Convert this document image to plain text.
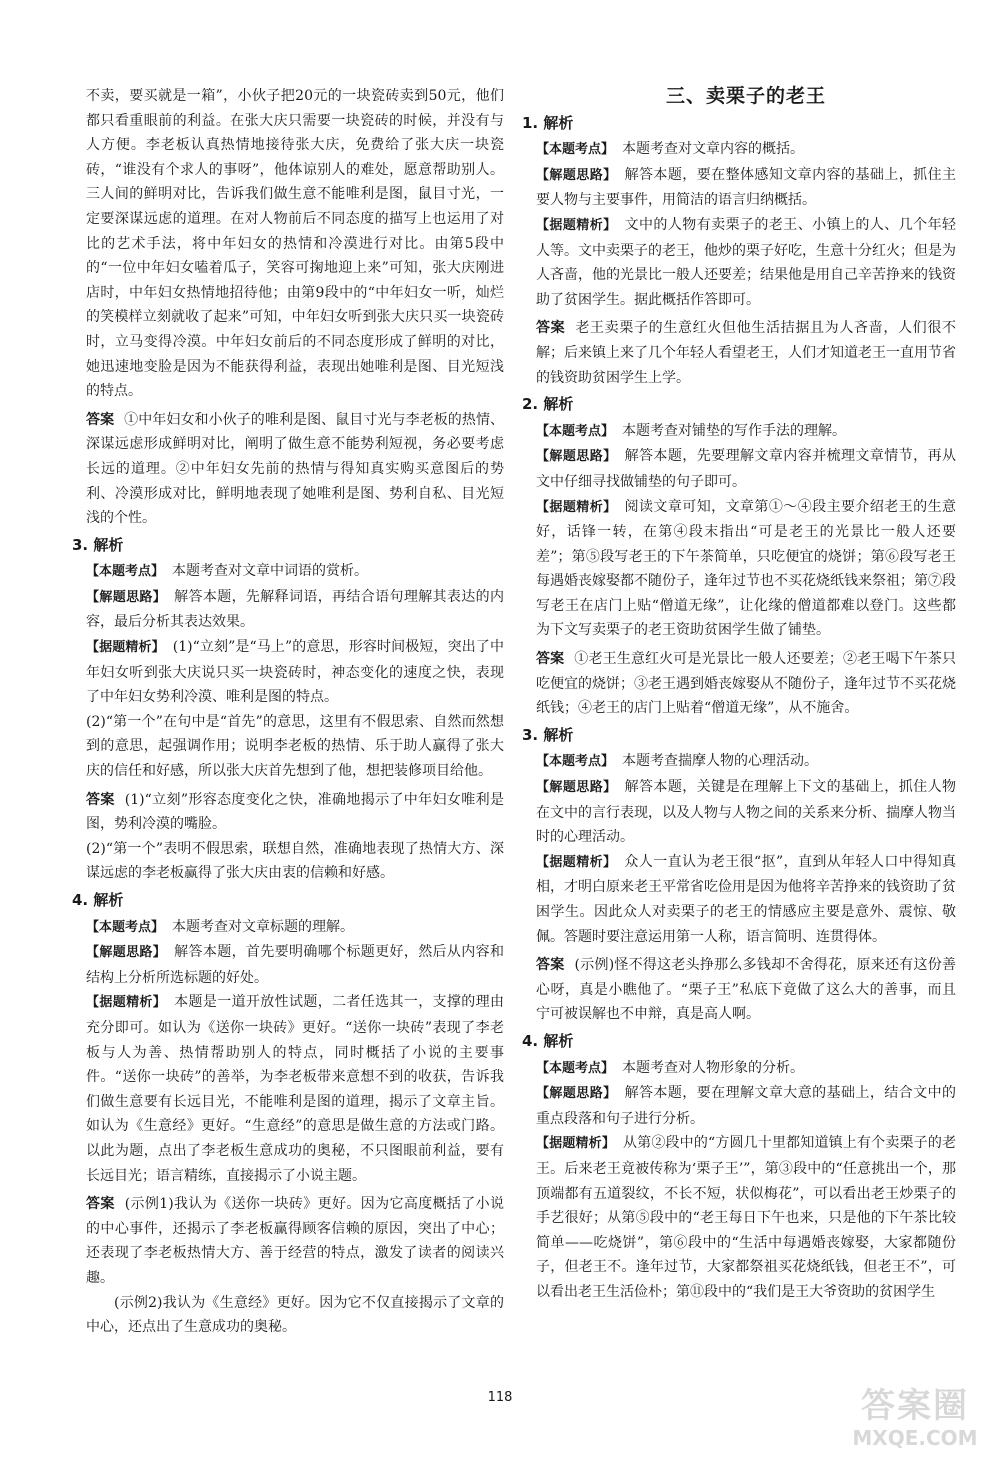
不卖，要买就是一箱”，小伙子把20元的一块瓷砖卖到50元，他们都只看重眼前的利益。在张大庆只需要一块瓷砖的时候，并没有与人方便。李老板认真热情地接待张大庆，免费给了张大庆一块瓷砖，“谁没有个求人的事呀”，他体谅别人的难处，愿意帮助别人。三人间的鲜明对比，告诉我们做生意不能唯利是图，鼠目寸光，一定要深谋远虑的道理。在对人物前后不同态度的描写上也运用了对比的艺术手法，将中年妇女的热情和冷漠进行对比。由第5段中的“一位中年妇女嗑着瓜子，笑容可掬地迎上来”可知，张大庆刚进店时，中年妇女热情地招待他；由第9段中的“中年妇女一听，灿烂的笑模样立刻就收了起来”可知，中年妇女听到张大庆只买一块瓷砖时，立马变得冷漠。中年妇女前后的不同态度形成了鲜明的对比，她迅速地变脸是因为不能获得利益，表现出她唯利是图、目光短浅的特点。

答案 ①中年妇女和小伙子的唯利是图、鼠目寸光与李老板的热情、深谋远虑形成鲜明对比，阐明了做生意不能势利短视，务必要考虑长远的道理。②中年妇女先前的热情与得知真实购买意图后的势利、冷漠形成对比，鲜明地表现了她唯利是图、势利自私、目光短浅的个性。

3. 解析

【本题考点】 本题考查对文章中词语的赏析。

【解题思路】 解答本题，先解释词语，再结合语句理解其表达的内容，最后分析其表达效果。

【据题精析】 (1)“立刻”是“马上”的意思，形容时间极短，突出了中年妇女听到张大庆说只买一块瓷砖时，神态变化的速度之快，表现了中年妇女势利冷漠、唯利是图的特点。

(2)“第一个”在句中是“首先”的意思，这里有不假思索、自然而然想到的意思，起强调作用；说明李老板的热情、乐于助人赢得了张大庆的信任和好感，所以张大庆首先想到了他，想把装修项目给他。

答案 (1)“立刻”形容态度变化之快，准确地揭示了中年妇女唯利是图，势利冷漠的嘴脸。

(2)“第一个”表明不假思索，联想自然，准确地表现了热情大方、深谋远虑的李老板赢得了张大庆由衷的信赖和好感。

4. 解析

【本题考点】 本题考查对文章标题的理解。

【解题思路】 解答本题，首先要明确哪个标题更好，然后从内容和结构上分析所选标题的好处。

【据题精析】 本题是一道开放性试题，二者任选其一，支撑的理由充分即可。如认为《送你一块砖》更好。“送你一块砖”表现了李老板与人为善、热情帮助别人的特点，同时概括了小说的主要事件。“送你一块砖”的善举，为李老板带来意想不到的收获，告诉我们做生意要有长远目光，不能唯利是图的道理，揭示了文章主旨。如认为《生意经》更好。“生意经”的意思是做生意的方法或门路。以此为题，点出了李老板生意成功的奥秘，不只图眼前利益，要有长远目光；语言精练，直接揭示了小说主题。

答案 (示例1)我认为《送你一块砖》更好。因为它高度概括了小说的中心事件，还揭示了李老板赢得顾客信赖的原因，突出了中心；还表现了李老板热情大方、善于经营的特点，激发了读者的阅读兴趣。

(示例2)我认为《生意经》更好。因为它不仅直接揭示了文章的中心，还点出了生意成功的奥秘。

三、卖栗子的老王
1. 解析

【本题考点】 本题考查对文章内容的概括。

【解题思路】 解答本题，要在整体感知文章内容的基础上，抓住主要人物与主要事件，用简洁的语言归纳概括。

【据题精析】 文中的人物有卖栗子的老王、小镇上的人、几个年轻人等。文中卖栗子的老王，他炒的栗子好吃，生意十分红火；但是为人吝啬，他的光景比一般人还要差；结果他是用自己辛苦挣来的钱资助了贫困学生。据此概括作答即可。

答案 老王卖栗子的生意红火但他生活拮据且为人吝啬，人们很不解；后来镇上来了几个年轻人看望老王，人们才知道老王一直用节省的钱资助贫困学生上学。

2. 解析

【本题考点】 本题考查对铺垫的写作手法的理解。

【解题思路】 解答本题，先要理解文章内容并梳理文章情节，再从文中仔细寻找做铺垫的句子即可。

【据题精析】 阅读文章可知，文章第①～④段主要介绍老王的生意好，话锋一转，在第④段末指出“可是老王的光景比一般人还要差”；第⑤段写老王的下午茶简单，只吃便宜的烧饼；第⑥段写老王每遇婚丧嫁娶都不随份子，逢年过节也不买花烧纸钱来祭祖；第⑦段写老王在店门上贴“僧道无缘”，让化缘的僧道都难以登门。这些都为下文写卖栗子的老王资助贫困学生做了铺垫。

答案 ①老王生意红火可是光景比一般人还要差；②老王喝下午茶只吃便宜的烧饼；③老王遇到婚丧嫁娶从不随份子，逢年过节不买花烧纸钱；④老王的店门上贴着“僧道无缘”，从不施舍。

3. 解析

【本题考点】 本题考查揣摩人物的心理活动。

【解题思路】 解答本题，关键是在理解上下文的基础上，抓住人物在文中的言行表现，以及人物与人物之间的关系来分析、揣摩人物当时的心理活动。

【据题精析】 众人一直认为老王很“抠”，直到从年轻人口中得知真相，才明白原来老王平常省吃俭用是因为他将辛苦挣来的钱资助了贫困学生。因此众人对卖栗子的老王的情感应主要是意外、震惊、敬佩。答题时要注意运用第一人称，语言简明、连贯得体。

答案 (示例)怪不得这老头挣那么多钱却不舍得花，原来还有这份善心呀，真是小瞧他了。“栗子王”私底下竟做了这么大的善事，而且宁可被误解也不申辩，真是高人啊。

4. 解析

【本题考点】 本题考查对人物形象的分析。

【解题思路】 解答本题，要在理解文章大意的基础上，结合文中的重点段落和句子进行分析。

【据题精析】 从第②段中的“方圆几十里都知道镇上有个卖栗子的老王。后来老王竟被传称为‘栗子王’”，第③段中的“任意挑出一个，那顶端都有五道裂纹，不长不短，状似梅花”，可以看出老王炒栗子的手艺很好；从第⑤段中的“老王每日下午也来，只是他的下午茶比较简单——吃烧饼”，第⑥段中的“生活中每遇婚丧嫁娶，大家都随份子，但老王不。逢年过节，大家都祭祖买花烧纸钱，但老王不”，可以看出老王生活俭朴；第⑪段中的“我们是王大爷资助的贫困学生

118	答案圈
MXQE.COM
